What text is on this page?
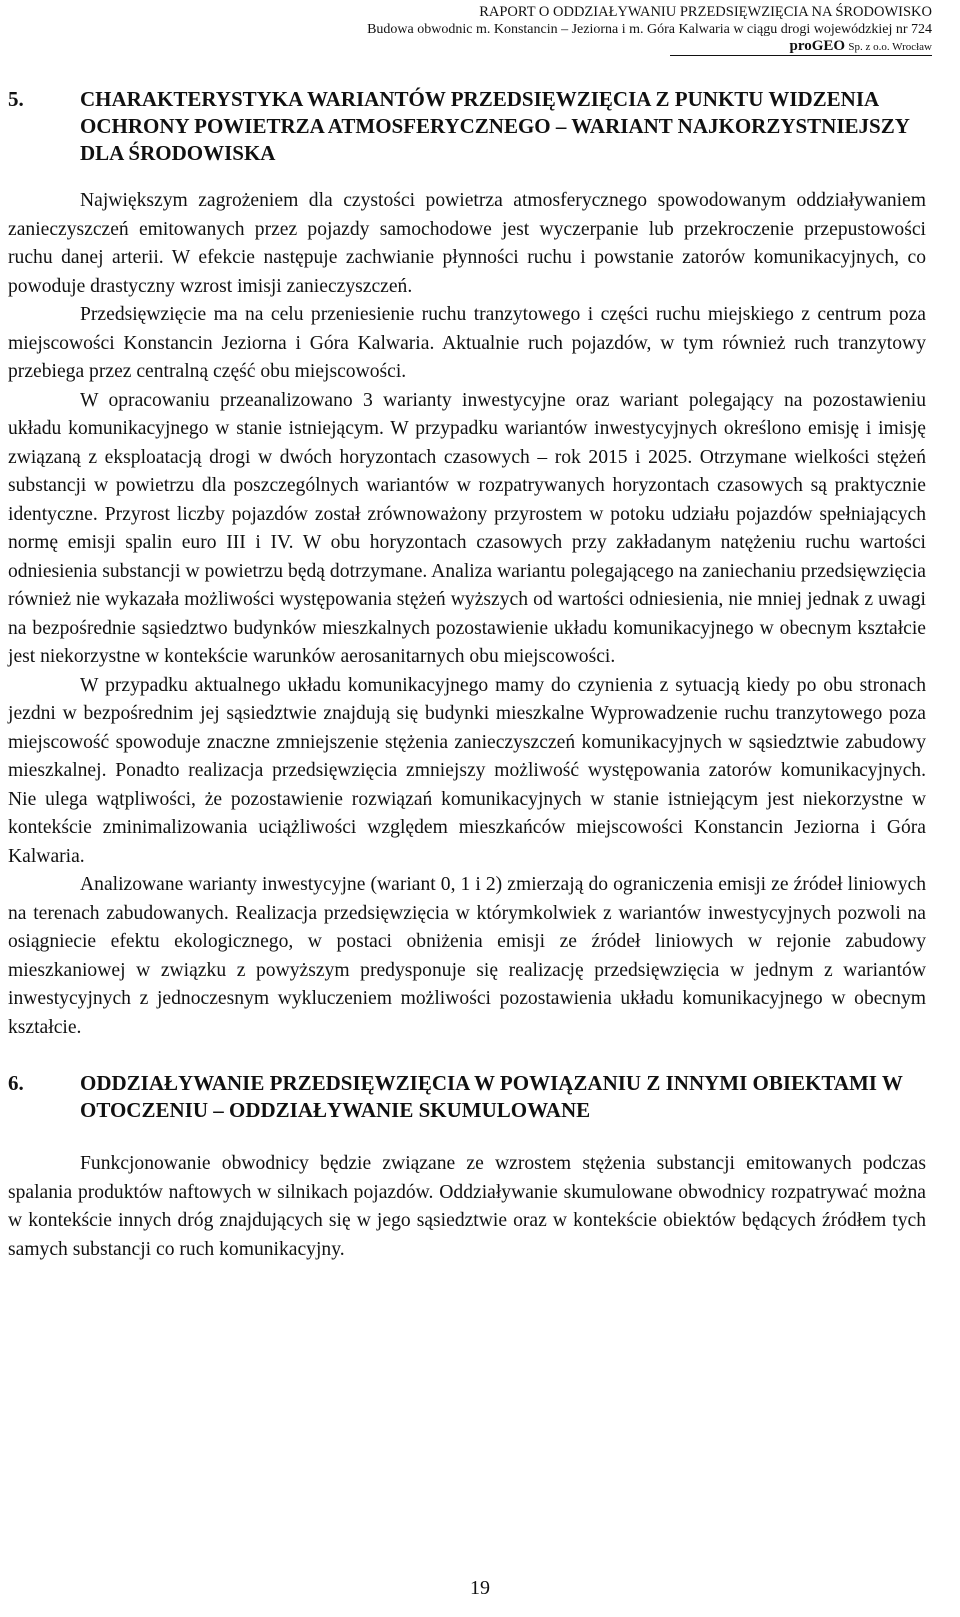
RAPORT O ODDZIAŁYWANIU PRZEDSIĘWZIĘCIA NA ŚRODOWISKO
Budowa obwodnic m. Konstancin – Jeziorna i m. Góra Kalwaria w ciągu drogi wojewódzkiej nr 724
proGEO Sp. z o.o. Wrocław
5.	CHARAKTERYSTYKA WARIANTÓW PRZEDSIĘWZIĘCIA Z PUNKTU WIDZENIA OCHRONY POWIETRZA ATMOSFERYCZNEGO – WARIANT NAJKORZYSTNIEJSZY DLA ŚRODOWISKA

Największym zagrożeniem dla czystości powietrza atmosferycznego spowodowanym oddziaływaniem zanieczyszczeń emitowanych przez pojazdy samochodowe jest wyczerpanie lub przekroczenie przepustowości ruchu danej arterii. W efekcie następuje zachwianie płynności ruchu i powstanie zatorów komunikacyjnych, co powoduje drastyczny wzrost imisji zanieczyszczeń.

Przedsięwzięcie ma na celu przeniesienie ruchu tranzytowego i części ruchu miejskiego z centrum poza miejscowości Konstancin Jeziorna i Góra Kalwaria. Aktualnie ruch pojazdów, w tym również ruch tranzytowy przebiega przez centralną część obu miejscowości.

W opracowaniu przeanalizowano 3 warianty inwestycyjne oraz wariant polegający na pozostawieniu układu komunikacyjnego w stanie istniejącym. W przypadku wariantów inwestycyjnych określono emisję i imisję związaną z eksploatacją drogi w dwóch horyzontach czasowych – rok 2015 i 2025. Otrzymane wielkości stężeń substancji w powietrzu dla poszczególnych wariantów w rozpatrywanych horyzontach czasowych są praktycznie identyczne. Przyrost liczby pojazdów został zrównoważony przyrostem w potoku udziału pojazdów spełniających normę emisji spalin euro III i IV. W obu horyzontach czasowych przy zakładanym natężeniu ruchu wartości odniesienia substancji w powietrzu będą dotrzymane. Analiza wariantu polegającego na zaniechaniu przedsięwzięcia również nie wykazała możliwości występowania stężeń wyższych od wartości odniesienia, nie mniej jednak z uwagi na bezpośrednie sąsiedztwo budynków mieszkalnych pozostawienie układu komunikacyjnego w obecnym kształcie jest niekorzystne w kontekście warunków aerosanitarnych obu miejscowości.

W przypadku aktualnego układu komunikacyjnego mamy do czynienia z sytuacją kiedy po obu stronach jezdni w bezpośrednim jej sąsiedztwie znajdują się budynki mieszkalne Wyprowadzenie ruchu tranzytowego poza miejscowość spowoduje znaczne zmniejszenie stężenia zanieczyszczeń komunikacyjnych w sąsiedztwie zabudowy mieszkalnej. Ponadto realizacja przedsięwzięcia zmniejszy możliwość występowania zatorów komunikacyjnych. Nie ulega wątpliwości, że pozostawienie rozwiązań komunikacyjnych w stanie istniejącym jest niekorzystne w kontekście zminimalizowania uciążliwości względem mieszkańców miejscowości Konstancin Jeziorna i Góra Kalwaria.

Analizowane warianty inwestycyjne (wariant 0, 1 i 2) zmierzają do ograniczenia emisji ze źródeł liniowych na terenach zabudowanych. Realizacja przedsięwzięcia w którymkolwiek z wariantów inwestycyjnych pozwoli na osiągniecie efektu ekologicznego, w postaci obniżenia emisji ze źródeł liniowych w rejonie zabudowy mieszkaniowej w związku z powyższym predysponuje się realizację przedsięwzięcia w jednym z wariantów inwestycyjnych z jednoczesnym wykluczeniem możliwości pozostawienia układu komunikacyjnego w obecnym kształcie.

6.	ODDZIAŁYWANIE PRZEDSIĘWZIĘCIA W POWIĄZANIU Z INNYMI OBIEKTAMI W OTOCZENIU – ODDZIAŁYWANIE SKUMULOWANE

Funkcjonowanie obwodnicy będzie związane ze wzrostem stężenia substancji emitowanych podczas spalania produktów naftowych w silnikach pojazdów. Oddziaływanie skumulowane obwodnicy rozpatrywać można w kontekście innych dróg znajdujących się w jego sąsiedztwie oraz w kontekście obiektów będących źródłem tych samych substancji co ruch komunikacyjny.

19
